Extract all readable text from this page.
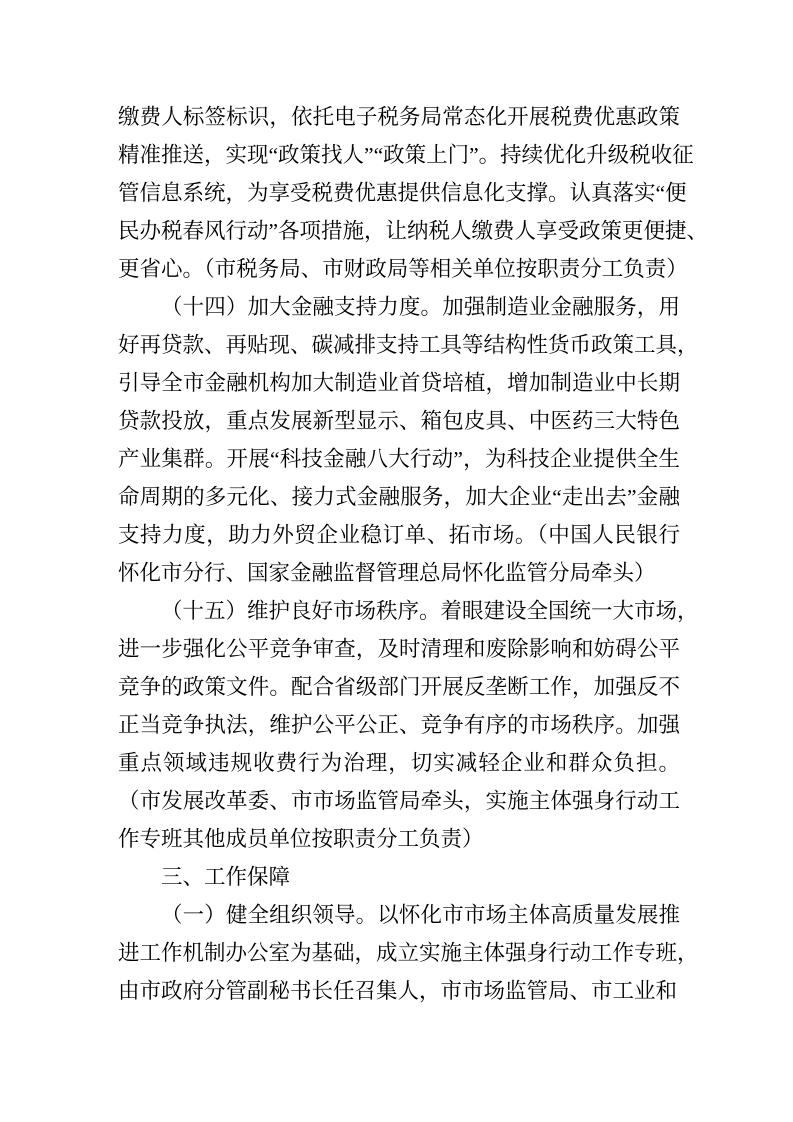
缴费人标签标识，依托电子税务局常态化开展税费优惠政策
精准推送，实现“政策找人”“政策上门”。持续优化升级税收征
管信息系统，为享受税费优惠提供信息化支撑。认真落实“便
民办税春风行动”各项措施，让纳税人缴费人享受政策更便捷、
更省心。（市税务局、市财政局等相关单位按职责分工负责）
（十四）加大金融支持力度。加强制造业金融服务，用
好再贷款、再贴现、碳减排支持工具等结构性货币政策工具，
引导全市金融机构加大制造业首贷培植，增加制造业中长期
贷款投放，重点发展新型显示、箱包皮具、中医药三大特色
产业集群。开展“科技金融八大行动”，为科技企业提供全生
命周期的多元化、接力式金融服务，加大企业“走出去”金融
支持力度，助力外贸企业稳订单、拓市场。（中国人民银行
怀化市分行、国家金融监督管理总局怀化监管分局牵头）
（十五）维护良好市场秩序。着眼建设全国统一大市场，
进一步强化公平竞争审查，及时清理和废除影响和妨碍公平
竞争的政策文件。配合省级部门开展反垄断工作，加强反不
正当竞争执法，维护公平公正、竞争有序的市场秩序。加强
重点领域违规收费行为治理，切实减轻企业和群众负担。
（市发展改革委、市市场监管局牵头，实施主体强身行动工
作专班其他成员单位按职责分工负责）
三、工作保障
（一）健全组织领导。以怀化市市场主体高质量发展推
进工作机制办公室为基础，成立实施主体强身行动工作专班，
由市政府分管副秘书长任召集人，市市场监管局、市工业和
